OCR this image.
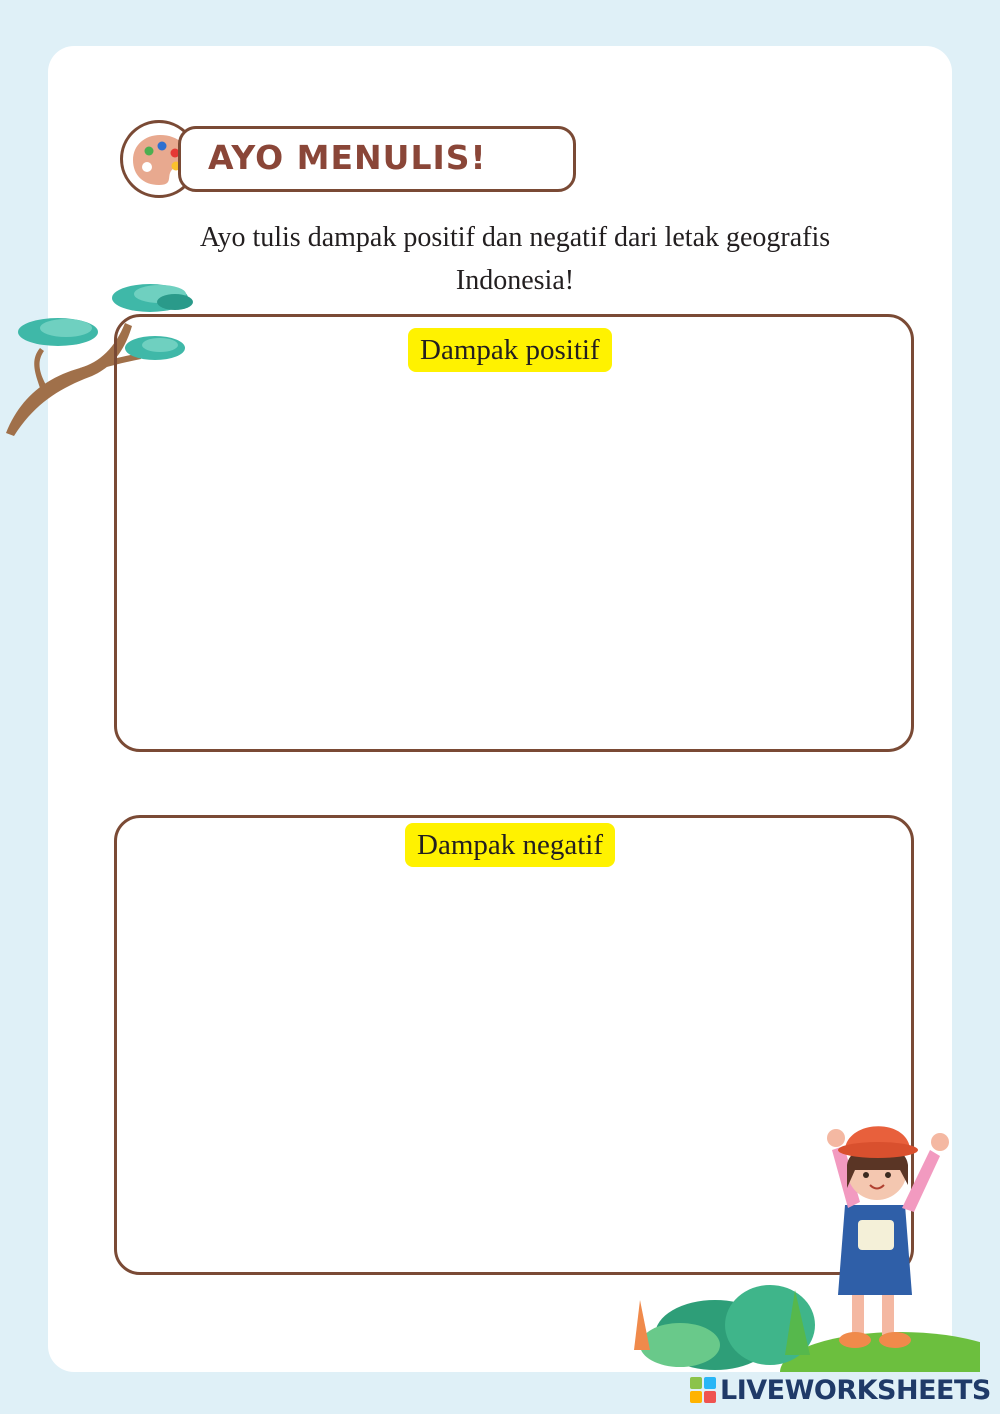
AYO MENULIS!
Ayo tulis dampak positif dan negatif dari letak geografis
Indonesia!
Dampak positif
Dampak negatif
LIVEWORKSHEETS
